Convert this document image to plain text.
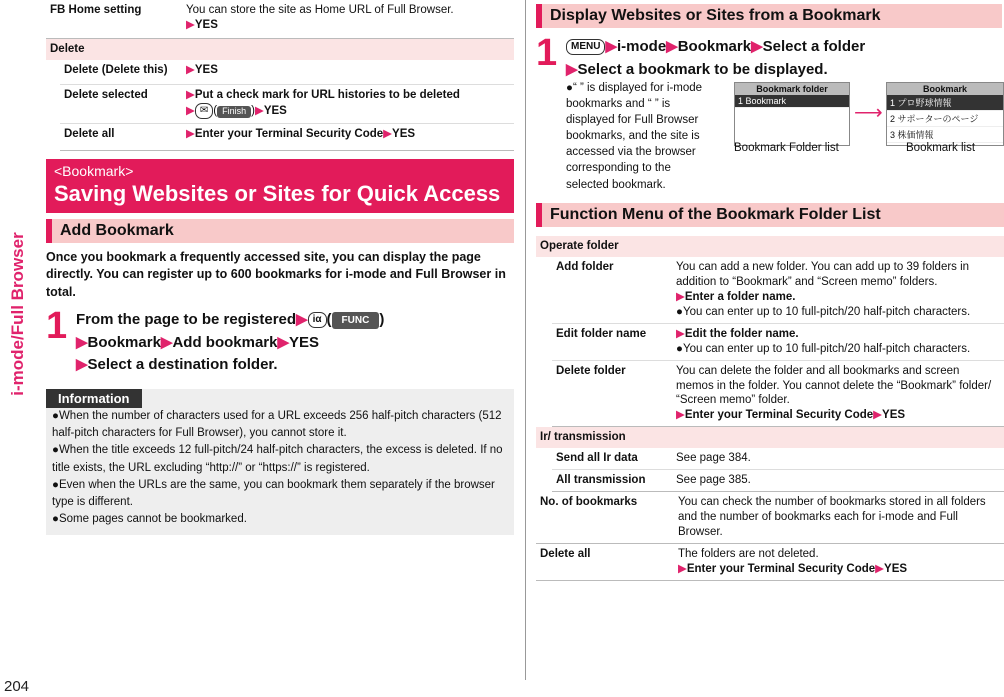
i-mode/Full Browser
204
FB Home setting	You can store the site as Home URL of Full Browser.
▶YES
Delete

Delete (Delete this)	▶YES
Delete selected	▶Put a check mark for URL histories to be deleted
▶ ✉ ( Finish )▶YES
Delete all	▶Enter your Terminal Security Code▶YES
<Bookmark>
Saving Websites or Sites for Quick Access
Add Bookmark
Once you bookmark a frequently accessed site, you can display the page directly. You can register up to 600 bookmarks for i-mode and Full Browser in total.
1 From the page to be registered▶ iα ( FUNC )
▶Bookmark▶Add bookmark▶YES
▶Select a destination folder.
Information
●When the number of characters used for a URL exceeds 256 half-pitch characters (512 half-pitch characters for Full Browser), you cannot store it.
●When the title exceeds 12 full-pitch/24 half-pitch characters, the excess is deleted. If no title exists, the URL excluding “http://” or “https://” is registered.
●Even when the URLs are the same, you can bookmark them separately if the browser type is different.
●Some pages cannot be bookmarked.
Display Websites or Sites from a Bookmark
1	MENU ▶i-mode▶Bookmark▶Select a folder
▶Select a bookmark to be displayed.
●“ ” is displayed for i-mode bookmarks and “ ” is displayed for Full Browser bookmarks, and the site is accessed via the browser corresponding to the selected bookmark.
Bookmark folder
1 Bookmark
Bookmark Folder list
⟶
Bookmark
1 プロ野球情報
2 サポーターのページ
3 株価情報
Bookmark list
Function Menu of the Bookmark Folder List
Operate folder

Add folder	You can add a new folder. You can add up to 39 folders in addition to “Bookmark” and “Screen memo” folders.
▶Enter a folder name.
●You can enter up to 10 full-pitch/20 half-pitch characters.
Edit folder name	▶Edit the folder name.
●You can enter up to 10 full-pitch/20 half-pitch characters.
Delete folder	You can delete the folder and all bookmarks and screen memos in the folder. You cannot delete the “Bookmark” folder/ “Screen memo” folder.
▶Enter your Terminal Security Code▶YES

Ir/ transmission

Send all Ir data	See page 384.
All transmission	See page 385.

No. of bookmarks	You can check the number of bookmarks stored in all folders and the number of bookmarks each for i-mode and Full Browser.
Delete all	The folders are not deleted.
▶Enter your Terminal Security Code▶YES
